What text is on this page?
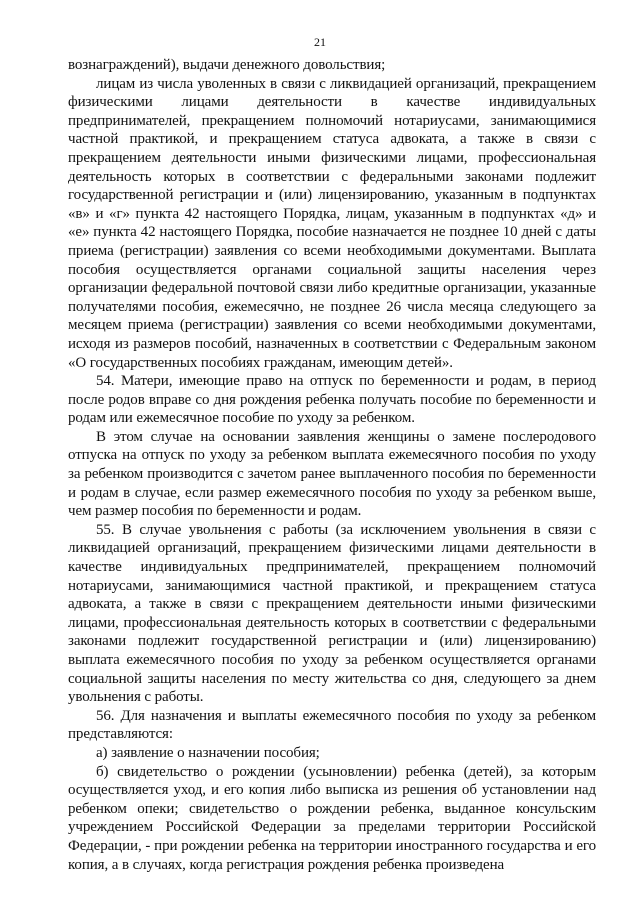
21

вознаграждений), выдачи денежного довольствия;

лицам из числа уволенных в связи с ликвидацией организаций, прекращением физическими лицами деятельности в качестве индивидуальных предпринимателей, прекращением полномочий нотариусами, занимающимися частной практикой, и прекращением статуса адвоката, а также в связи с прекращением деятельности иными физическими лицами, профессиональная деятельность которых в соответствии с федеральными законами подлежит государственной регистрации и (или) лицензированию, указанным в подпунктах «в» и «г» пункта 42 настоящего Порядка, лицам, указанным в подпунктах «д» и «е» пункта 42 настоящего Порядка, пособие назначается не позднее 10 дней с даты приема (регистрации) заявления со всеми необходимыми документами. Выплата пособия осуществляется органами социальной защиты населения через организации федеральной почтовой связи либо кредитные организации, указанные получателями пособия, ежемесячно, не позднее 26 числа месяца следующего за месяцем приема (регистрации) заявления со всеми необходимыми документами, исходя из размеров пособий, назначенных в соответствии с Федеральным законом «О государственных пособиях гражданам, имеющим детей».

54. Матери, имеющие право на отпуск по беременности и родам, в период после родов вправе со дня рождения ребенка получать пособие по беременности и родам или ежемесячное пособие по уходу за ребенком.

В этом случае на основании заявления женщины о замене послеродового отпуска на отпуск по уходу за ребенком выплата ежемесячного пособия по уходу за ребенком производится с зачетом ранее выплаченного пособия по беременности и родам в случае, если размер ежемесячного пособия по уходу за ребенком выше, чем размер пособия по беременности и родам.

55. В случае увольнения с работы (за исключением увольнения в связи с ликвидацией организаций, прекращением физическими лицами деятельности в качестве индивидуальных предпринимателей, прекращением полномочий нотариусами, занимающимися частной практикой, и прекращением статуса адвоката, а также в связи с прекращением деятельности иными физическими лицами, профессиональная деятельность которых в соответствии с федеральными законами подлежит государственной регистрации и (или) лицензированию) выплата ежемесячного пособия по уходу за ребенком осуществляется органами социальной защиты населения по месту жительства со дня, следующего за днем увольнения с работы.

56. Для назначения и выплаты ежемесячного пособия по уходу за ребенком представляются:

а) заявление о назначении пособия;

б) свидетельство о рождении (усыновлении) ребенка (детей), за которым осуществляется уход, и его копия либо выписка из решения об установлении над ребенком опеки; свидетельство о рождении ребенка, выданное консульским учреждением Российской Федерации за пределами территории Российской Федерации, - при рождении ребенка на территории иностранного государства и его копия, а в случаях, когда регистрация рождения ребенка произведена
